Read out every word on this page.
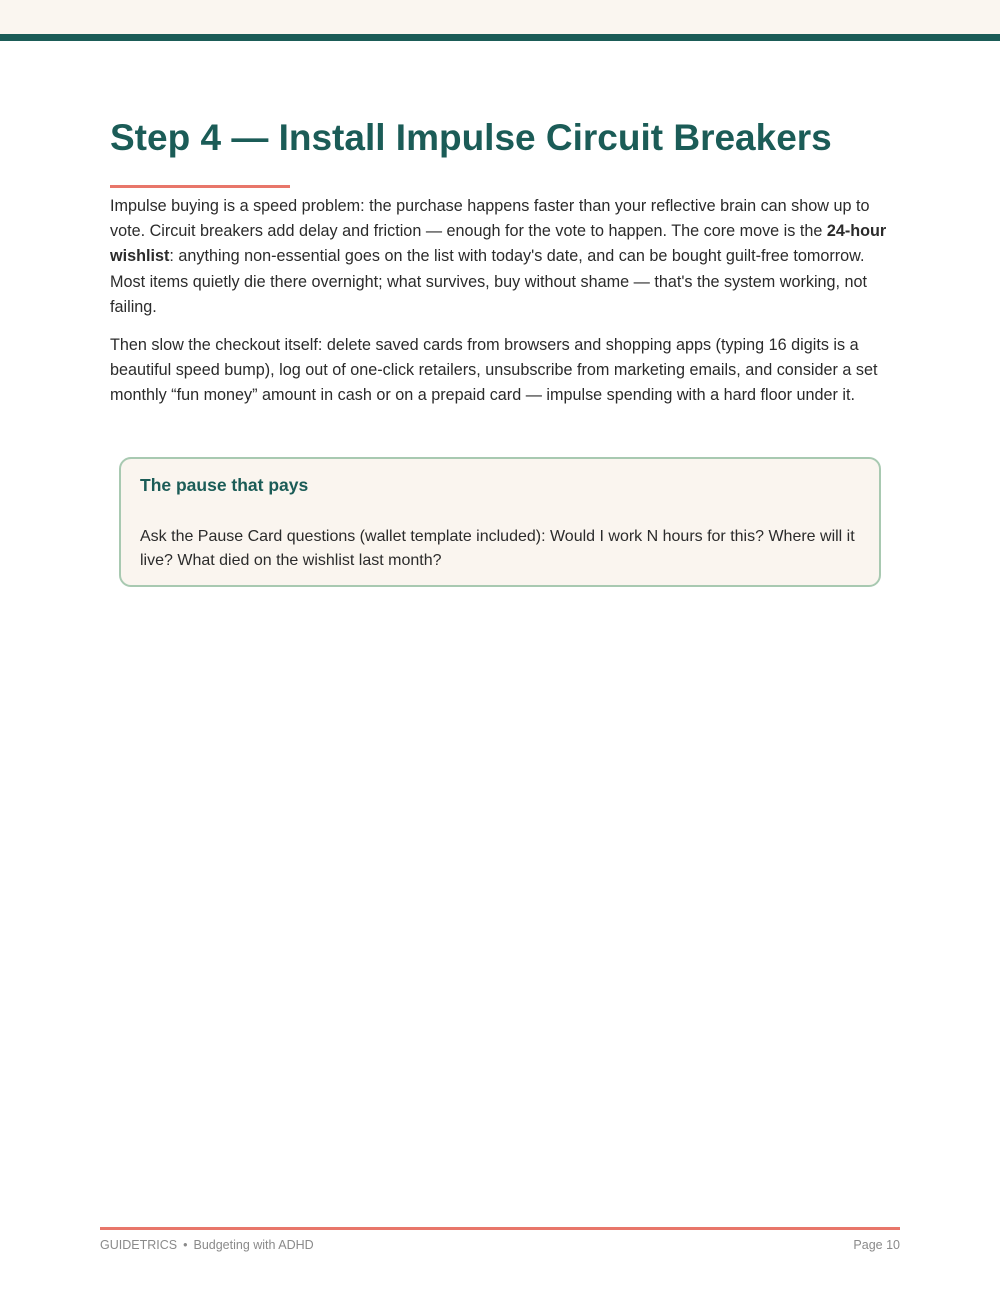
Step 4 — Install Impulse Circuit Breakers

Impulse buying is a speed problem: the purchase happens faster than your reflective brain can show up to vote. Circuit breakers add delay and friction — enough for the vote to happen. The core move is the 24-hour wishlist: anything non-essential goes on the list with today's date, and can be bought guilt-free tomorrow. Most items quietly die there overnight; what survives, buy without shame — that's the system working, not failing.

Then slow the checkout itself: delete saved cards from browsers and shopping apps (typing 16 digits is a beautiful speed bump), log out of one-click retailers, unsubscribe from marketing emails, and consider a set monthly “fun money” amount in cash or on a prepaid card — impulse spending with a hard floor under it.

The pause that pays

Ask the Pause Card questions (wallet template included): Would I work N hours for this? Where will it live? What died on the wishlist last month?

GUIDETRICS • Budgeting with ADHD	Page 10
